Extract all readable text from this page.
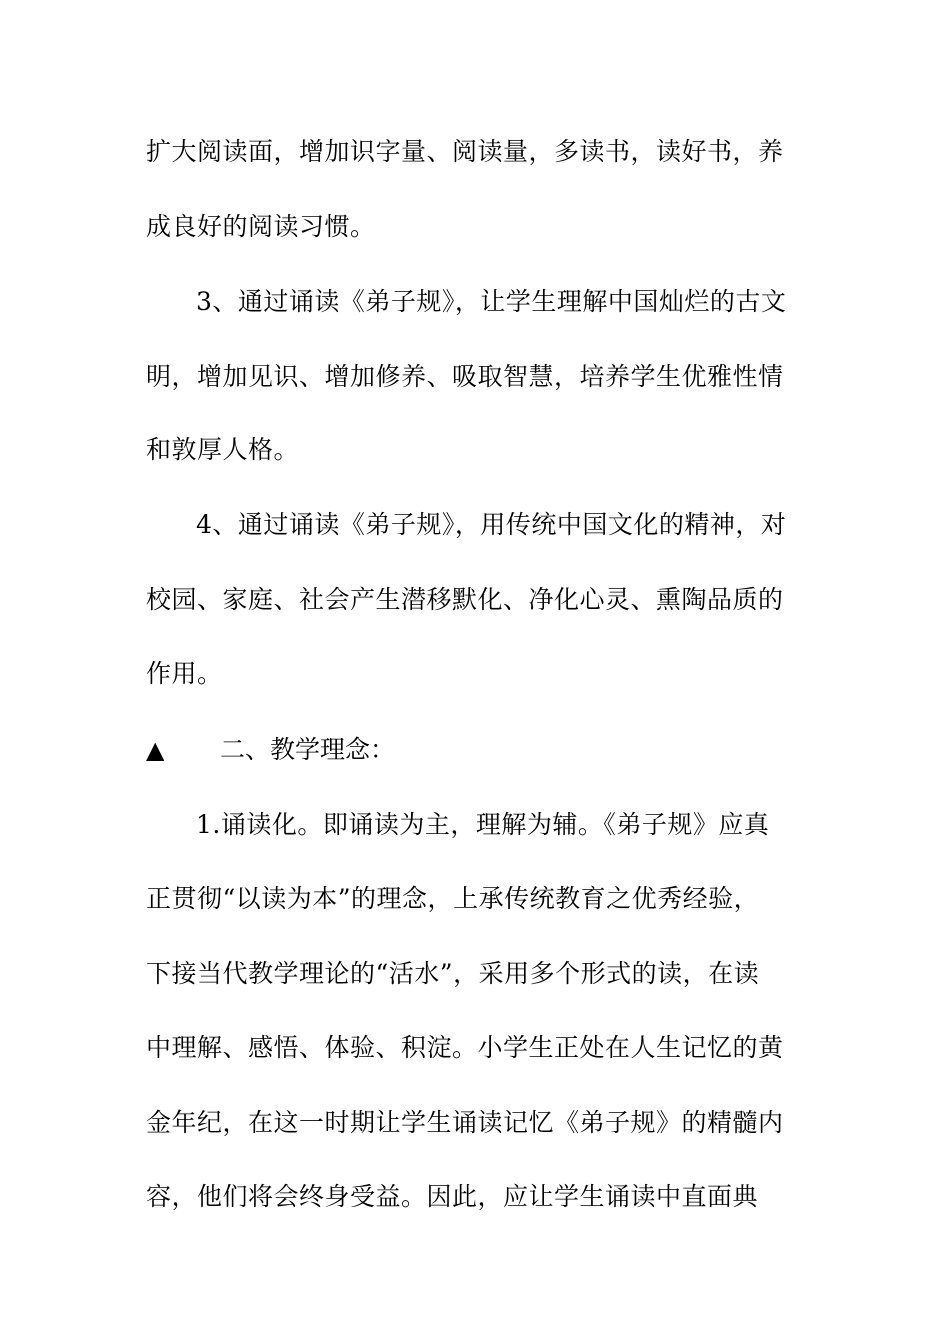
扩大阅读面，增加识字量、阅读量，多读书，读好书，养
成良好的阅读习惯。
3、通过诵读《弟子规》，让学生理解中国灿烂的古文
明，增加见识、增加修养、吸取智慧，培养学生优雅性情
和敦厚人格。
4、通过诵读《弟子规》，用传统中国文化的精神，对
校园、家庭、社会产生潜移默化、净化心灵、熏陶品质的
作用。
▲ 二、教学理念：
1.诵读化。即诵读为主，理解为辅。《弟子规》应真
正贯彻“以读为本”的理念，上承传统教育之优秀经验，
下接当代教学理论的“活水”，采用多个形式的读，在读
中理解、感悟、体验、积淀。小学生正处在人生记忆的黄
金年纪，在这一时期让学生诵读记忆《弟子规》的精髓内
容，他们将会终身受益。因此，应让学生诵读中直面典
